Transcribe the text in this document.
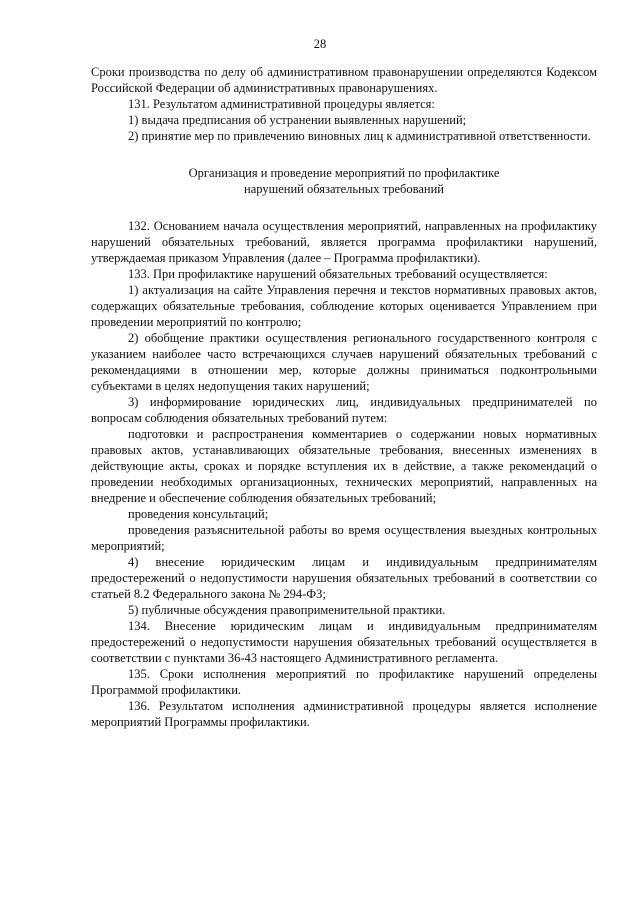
28

Сроки производства по делу об административном правонарушении определяются Кодексом Российской Федерации об административных правонарушениях.

131. Результатом административной процедуры является:

1) выдача предписания об устранении выявленных нарушений;

2) принятие мер по привлечению виновных лиц к административной ответственности.

Организация и проведение мероприятий по профилактике

нарушений обязательных требований

132. Основанием начала осуществления мероприятий, направленных на профилактику нарушений обязательных требований, является программа профилактики нарушений, утверждаемая приказом Управления (далее – Программа профилактики).

133. При профилактике нарушений обязательных требований осуществляется:

1) актуализация на сайте Управления перечня и текстов нормативных правовых актов, содержащих обязательные требования, соблюдение которых оценивается Управлением при проведении мероприятий по контролю;

2) обобщение практики осуществления регионального государственного контроля с указанием наиболее часто встречающихся случаев нарушений обязательных требований с рекомендациями в отношении мер, которые должны приниматься подконтрольными субъектами в целях недопущения таких нарушений;

3) информирование юридических лиц, индивидуальных предпринимателей по вопросам соблюдения обязательных требований путем:

подготовки и распространения комментариев о содержании новых нормативных правовых актов, устанавливающих обязательные требования, внесенных изменениях в действующие акты, сроках и порядке вступления их в действие, а также рекомендаций о проведении необходимых организационных, технических мероприятий, направленных на внедрение и обеспечение соблюдения обязательных требований;

проведения консультаций;

проведения разъяснительной работы во время осуществления выездных контрольных мероприятий;

4) внесение юридическим лицам и индивидуальным предпринимателям предостережений о недопустимости нарушения обязательных требований в соответствии со статьей 8.2 Федерального закона № 294-ФЗ;

5) публичные обсуждения правоприменительной практики.

134. Внесение юридическим лицам и индивидуальным предпринимателям предостережений о недопустимости нарушения обязательных требований осуществляется в соответствии с пунктами 36-43 настоящего Административного регламента.

135. Сроки исполнения мероприятий по профилактике нарушений определены Программой профилактики.

136. Результатом исполнения административной процедуры является исполнение мероприятий Программы профилактики.
